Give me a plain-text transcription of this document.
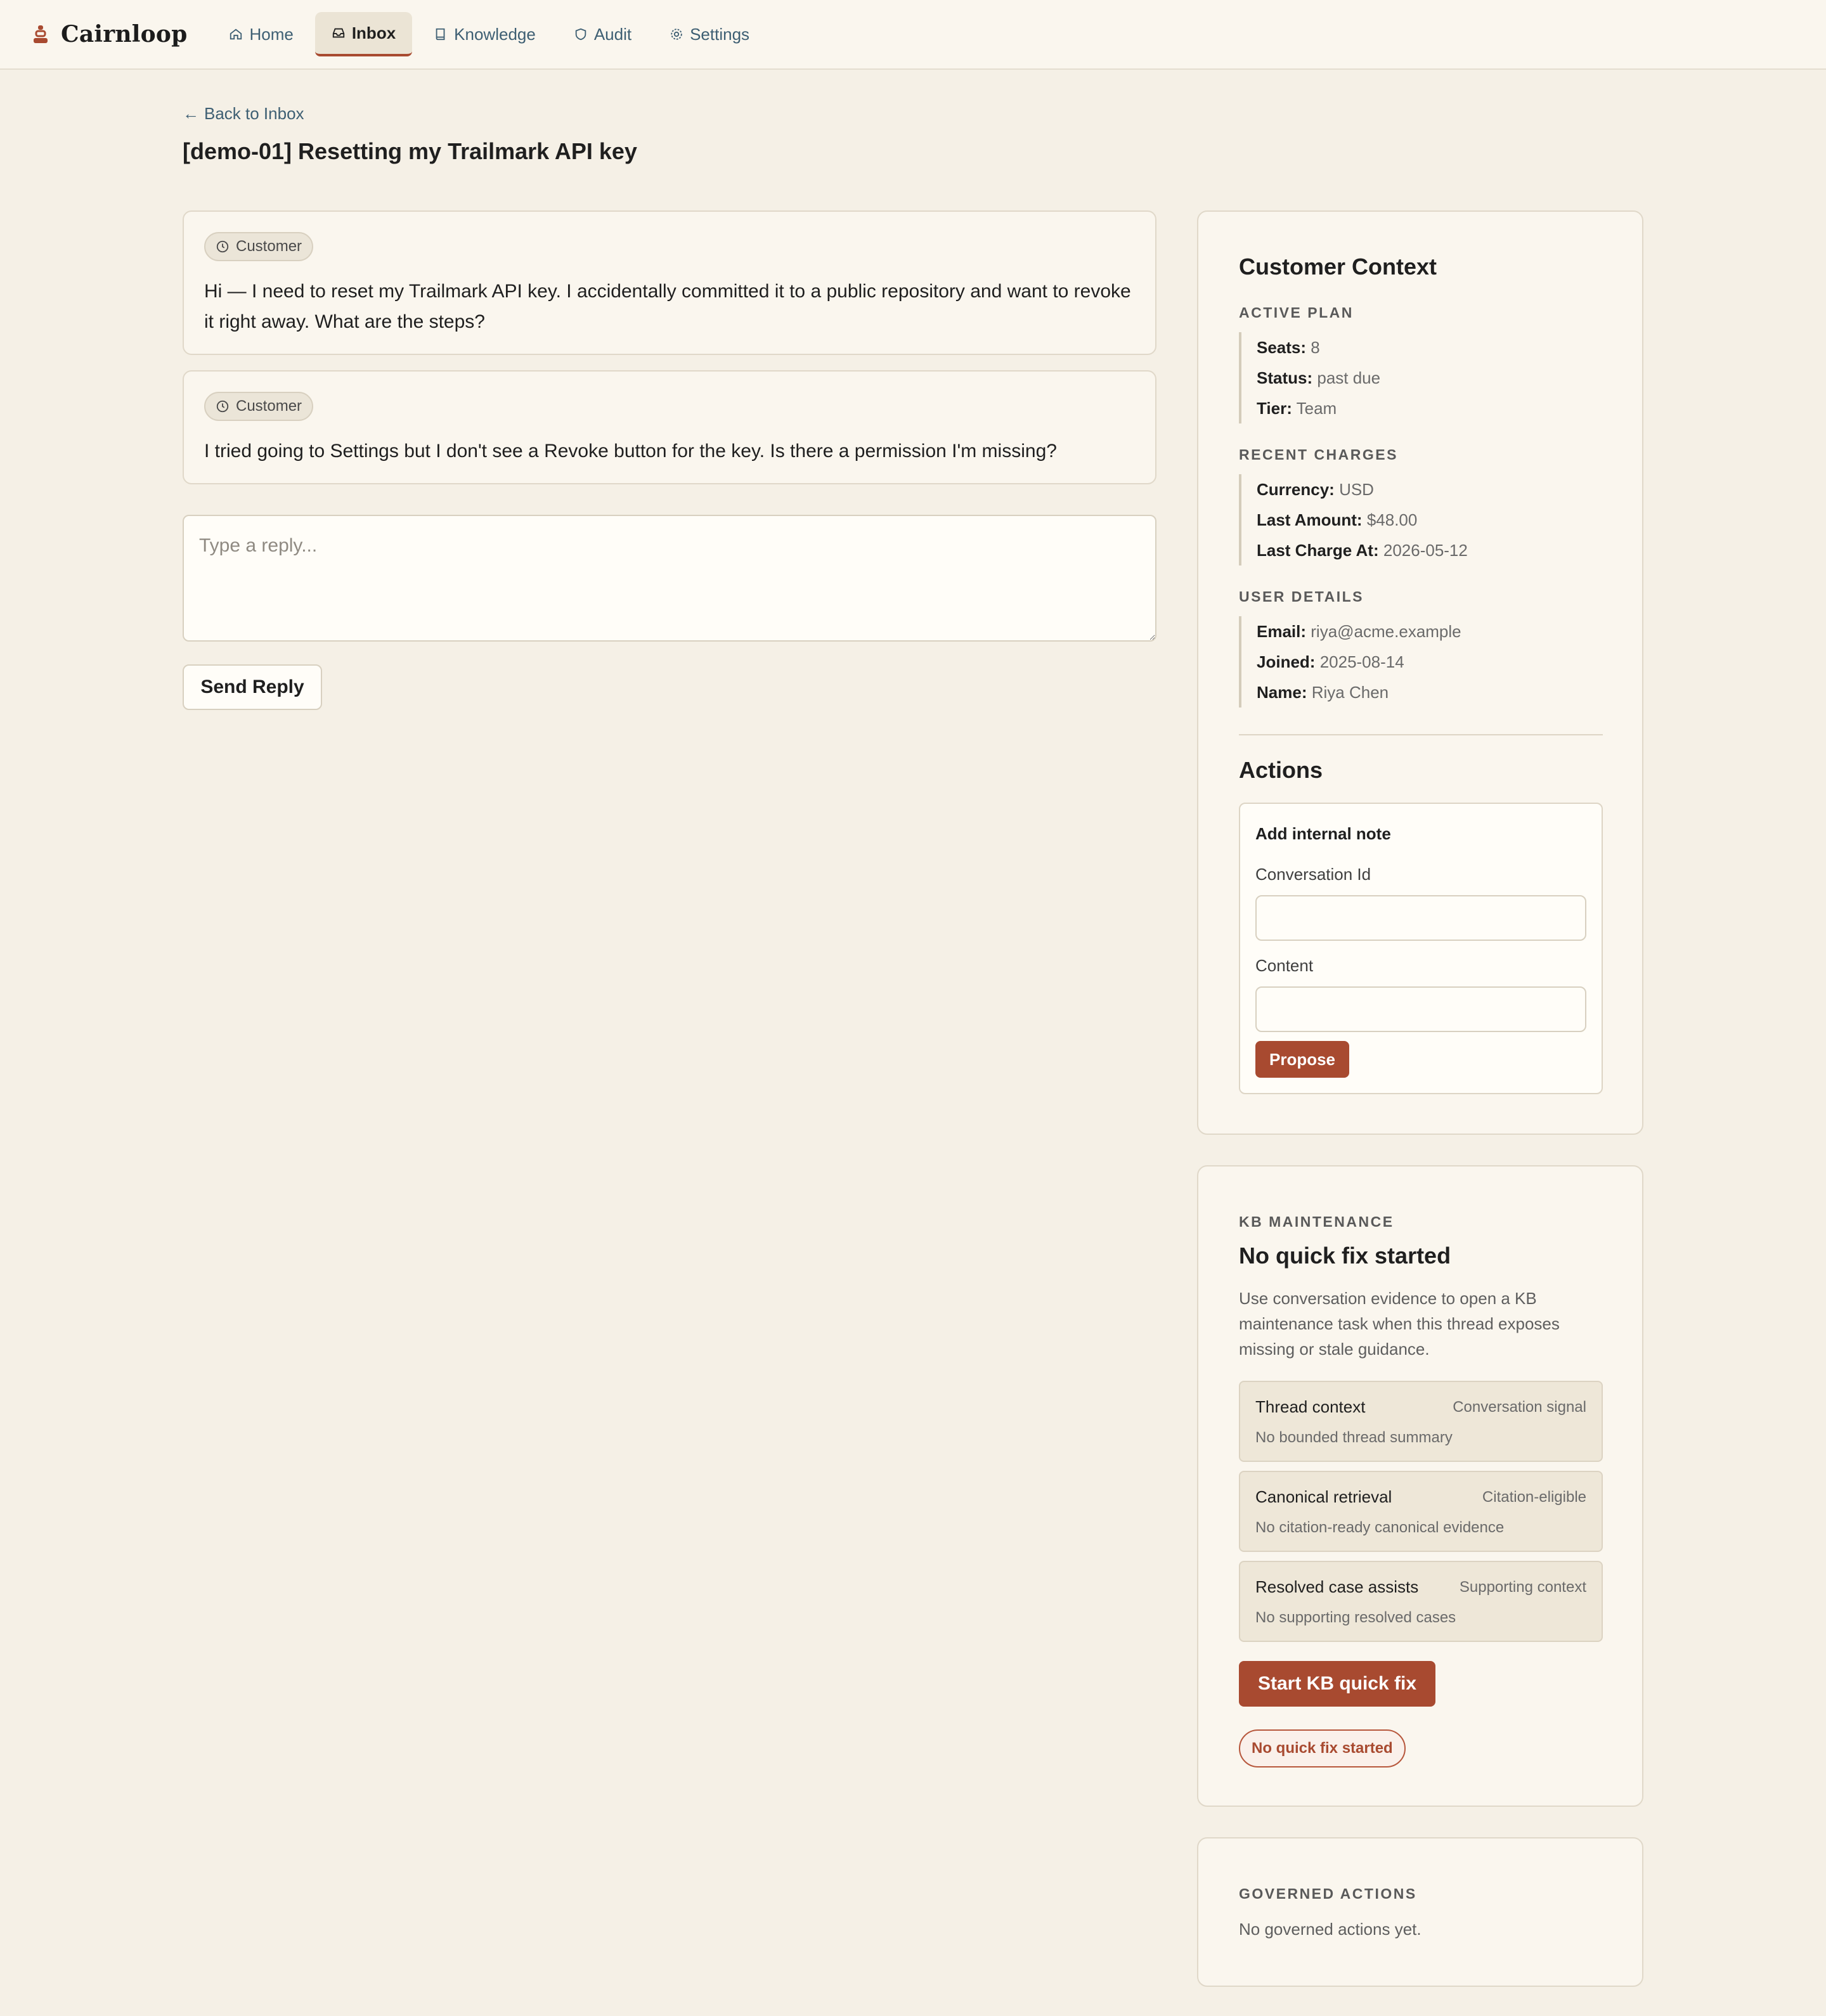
Cairnloop	Home	Inbox	Knowledge	Audit	Settings
← Back to Inbox
[demo-01] Resetting my Trailmark API key
Customer

Hi — I need to reset my Trailmark API key. I accidentally committed it to a public repository and want to revoke it right away. What are the steps?

Customer

I tried going to Settings but I don't see a Revoke button for the key. Is there a permission I'm missing?

Type a reply...
Send Reply
Customer Context
ACTIVE PLAN
Seats: 8
Status: past due
Tier: Team
RECENT CHARGES
Currency: USD
Last Amount: $48.00
Last Charge At: 2026-05-12
USER DETAILS
Email: riya@acme.example
Joined: 2025-08-14
Name: Riya Chen
Actions
Add internal note
Conversation Id
Content
Propose
KB MAINTENANCE
No quick fix started

Use conversation evidence to open a KB maintenance task when this thread exposes missing or stale guidance.

Thread context	Conversation signal
No bounded thread summary
Canonical retrieval	Citation-eligible
No citation-ready canonical evidence
Resolved case assists	Supporting context
No supporting resolved cases
Start KB quick fix
No quick fix started
GOVERNED ACTIONS
No governed actions yet.
